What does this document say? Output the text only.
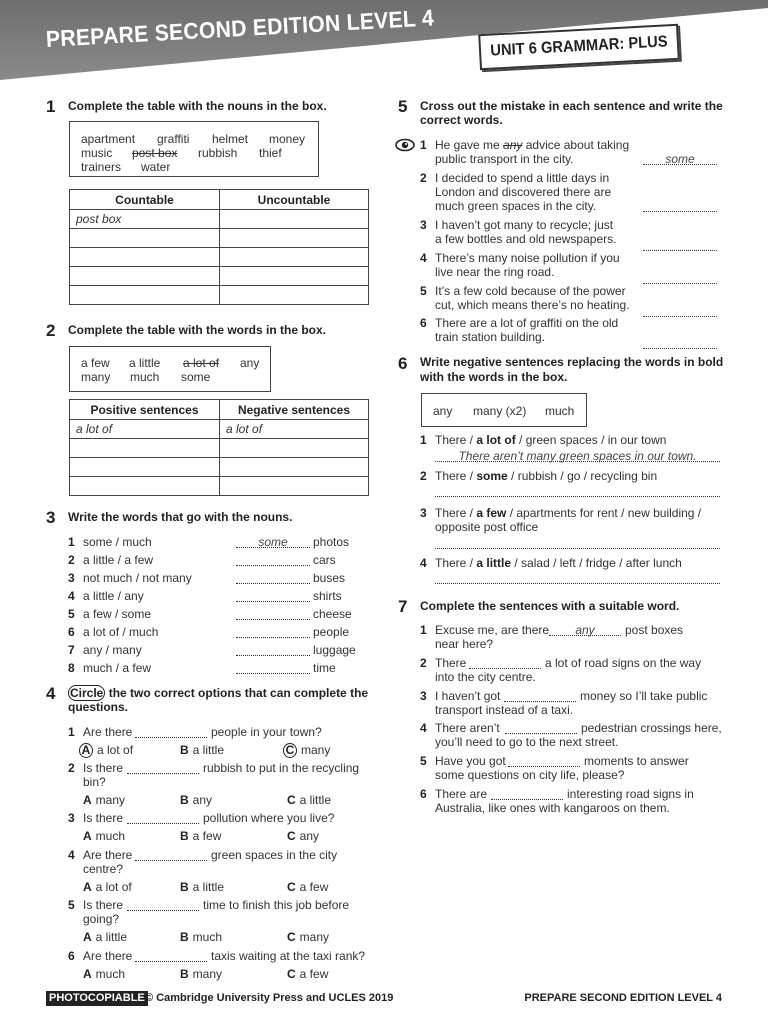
PREPARE SECOND EDITION LEVEL 4	UNIT 6 GRAMMAR: PLUS
1 Complete the table with the nouns in the box.
apartment graffiti helmet money
music post box rubbish thief
trainers water
Countable	Uncountable
post box	

2 Complete the table with the words in the box.
a few a little a lot of any
many much some
Positive sentences	Negative sentences
a lot of	a lot of

3 Write the words that go with the nouns.
1 some / much	some	photos
2 a little / a few	cars
3 not much / not many	buses
4 a little / any	shirts
5 a few / some	cheese
6 a lot of / much	people
7 any / many	luggage
8 much / a few	time
4 Circle the two correct options that can complete the
questions.
1 Are there	people in your town?
A a lot of	B a little	C many
2 Is there	rubbish to put in the recycling
bin?
A many	B any	C a little
3 Is there	pollution where you live?
A much	B a few	C any
4 Are there	green spaces in the city
centre?
A a lot of	B a little	C a few
5 Is there	time to finish this job before
going?
A a little	B much	C many
6 Are there	taxis waiting at the taxi rank?
A much	B many	C a few
5 Cross out the mistake in each sentence and write the
correct words.
1 He gave me any advice about taking
public transport in the city.	some
2 I decided to spend a little days in
London and discovered there are
much green spaces in the city.
3 I haven’t got many to recycle; just
a few bottles and old newspapers.
4 There’s many noise pollution if you
live near the ring road.
5 It’s a few cold because of the power
cut, which means there’s no heating.
6 There are a lot of graffiti on the old
train station building.
6 Write negative sentences replacing the words in bold
with the words in the box.
any many (x2) much
1 There / a lot of / green spaces / in our town
There aren’t many green spaces in our town.
2 There / some / rubbish / go / recycling bin
3 There / a few / apartments for rent / new building /
opposite post office
4 There / a little / salad / left / fridge / after lunch
7 Complete the sentences with a suitable word.
1 Excuse me, are there	any	post boxes
near here?
2 There	a lot of road signs on the way
into the city centre.
3 I haven’t got	money so I’ll take public
transport instead of a taxi.
4 There aren’t	pedestrian crossings here,
you’ll need to go to the next street.
5 Have you got	moments to answer
some questions on city life, please?
6 There are	interesting road signs in
Australia, like ones with kangaroos on them.
PHOTOCOPIABLE © Cambridge University Press and UCLES 2019	PREPARE SECOND EDITION LEVEL 4
